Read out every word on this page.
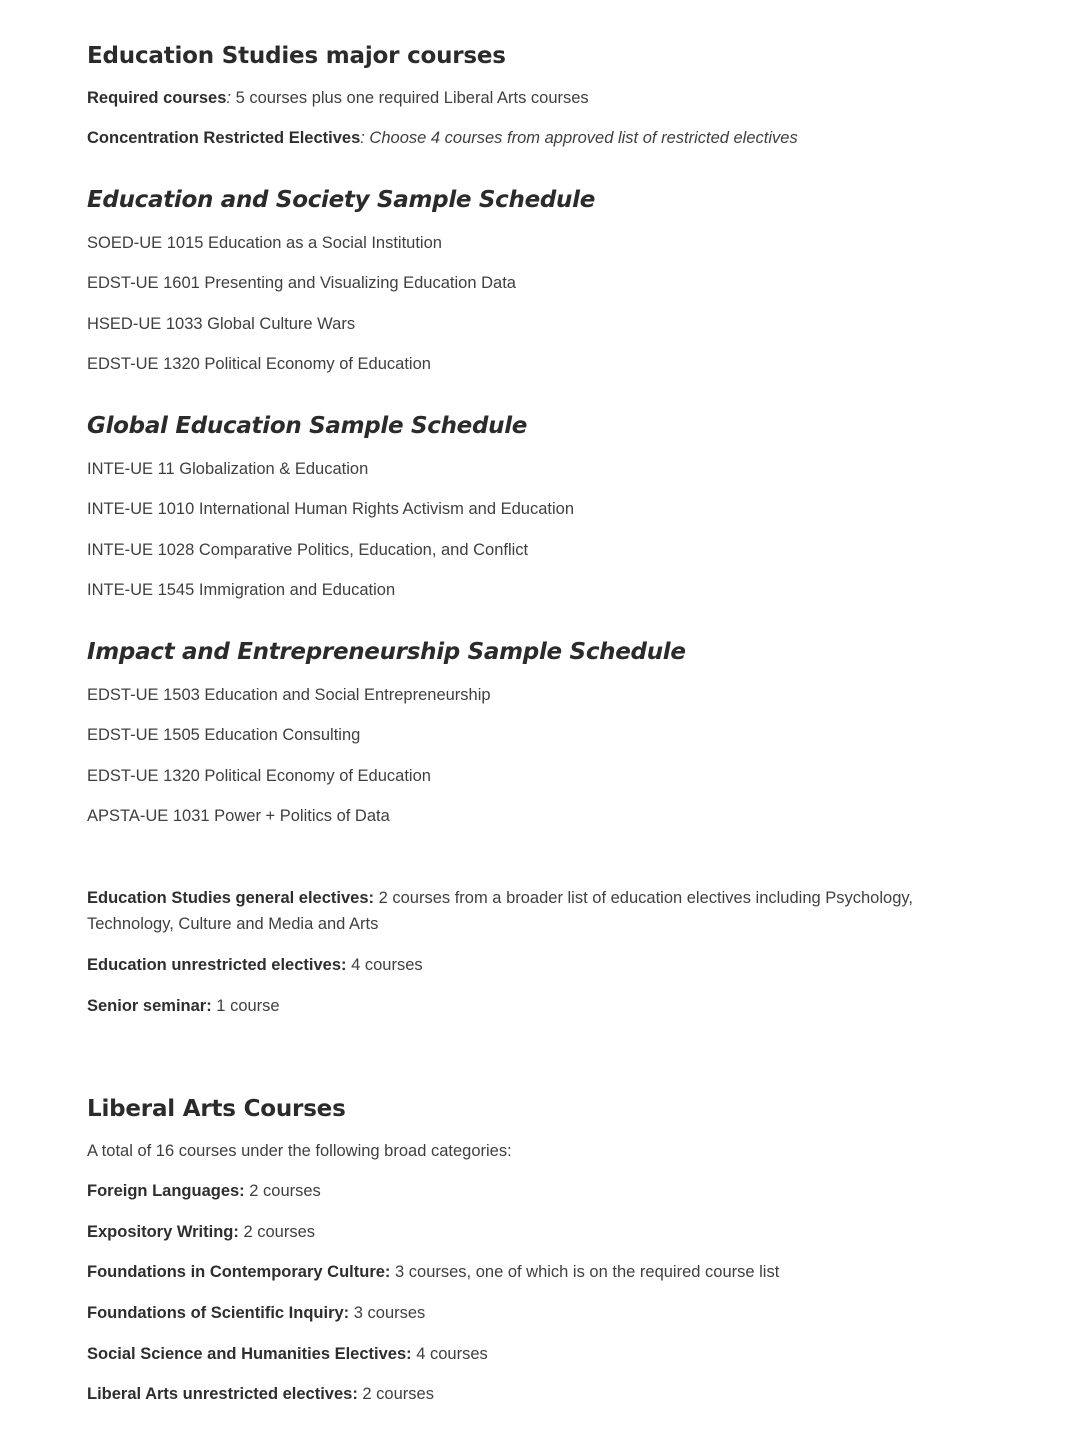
Education Studies major courses

Required courses: 5 courses plus one required Liberal Arts courses

Concentration Restricted Electives: Choose 4 courses from approved list of restricted electives

Education and Society Sample Schedule

SOED-UE 1015 Education as a Social Institution

EDST-UE 1601 Presenting and Visualizing Education Data

HSED-UE 1033 Global Culture Wars

EDST-UE 1320 Political Economy of Education

Global Education Sample Schedule

INTE-UE 11 Globalization & Education

INTE-UE 1010 International Human Rights Activism and Education

INTE-UE 1028 Comparative Politics, Education, and Conflict

INTE-UE 1545 Immigration and Education

Impact and Entrepreneurship Sample Schedule

EDST-UE 1503 Education and Social Entrepreneurship

EDST-UE 1505 Education Consulting

EDST-UE 1320 Political Economy of Education

APSTA-UE 1031 Power + Politics of Data

Education Studies general electives: 2 courses from a broader list of education electives including Psychology, Technology, Culture and Media and Arts

Education unrestricted electives: 4 courses

Senior seminar: 1 course

Liberal Arts Courses

A total of 16 courses under the following broad categories:

Foreign Languages: 2 courses

Expository Writing: 2 courses

Foundations in Contemporary Culture: 3 courses, one of which is on the required course list

Foundations of Scientific Inquiry: 3 courses

Social Science and Humanities Electives: 4 courses

Liberal Arts unrestricted electives: 2 courses
